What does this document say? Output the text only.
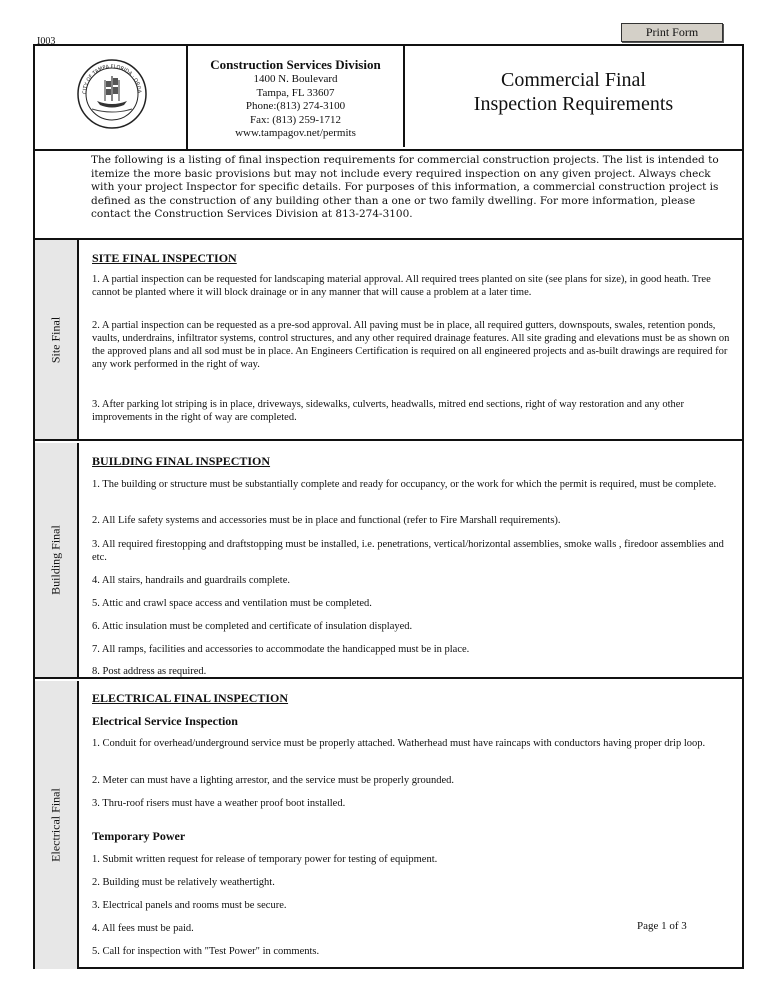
I003
Print Form
CITY OF TAMPA FLORIDA · ORGA
Construction Services Division
1400 N. Boulevard
Tampa, FL 33607
Phone:(813) 274-3100
Fax: (813) 259-1712
www.tampagov.net/permits
Commercial Final
Inspection Requirements

The following is a listing of final inspection requirements for commercial construction projects. The list is intended to itemize the more basic provisions but may not include every required inspection on any given project. Always check with your project Inspector for specific details. For purposes of this information, a commercial construction project is defined as the construction of any building other than a one or two family dwelling. For more information, please contact the Construction Services Division at 813-274-3100.

Site Final
SITE FINAL INSPECTION
1. A partial inspection can be requested for landscaping material approval. All required trees planted on site (see plans for size), in good heath. Tree cannot be planted where it will block drainage or in any manner that will cause a problem at a later time.
2. A partial inspection can be requested as a pre-sod approval. All paving must be in place, all required gutters, downspouts, swales, retention ponds, vaults, underdrains, infiltrator systems, control structures, and any other required drainage features. All site grading and elevations must be as shown on the approved plans and all sod must be in place. An Engineers Certification is required on all engineered projects and as-built drawings are required for any work performed in the right of way.
3. After parking lot striping is in place, driveways, sidewalks, culverts, headwalls, mitred end sections, right of way restoration and any other improvements in the right of way are completed.
Building Final
BUILDING FINAL INSPECTION
1. The building or structure must be substantially complete and ready for occupancy, or the work for which the permit is required, must be complete.
2. All Life safety systems and accessories must be in place and functional (refer to Fire Marshall requirements).
3. All required firestopping and draftstopping must be installed, i.e. penetrations, vertical/horizontal assemblies, smoke walls , firedoor assemblies and etc.
4. All stairs, handrails and guardrails complete.
5. Attic and crawl space access and ventilation must be completed.
6. Attic insulation must be completed and certificate of insulation displayed.
7. All ramps, facilities and accessories to accommodate the handicapped must be in place.
8. Post address as required.
Electrical Final
ELECTRICAL FINAL INSPECTION
Electrical Service Inspection
1. Conduit for overhead/underground service must be properly attached. Watherhead must have raincaps with conductors having proper drip loop.
2. Meter can must have a lighting arrestor, and the service must be properly grounded.
3. Thru-roof risers must have a weather proof boot installed.
Temporary Power
1. Submit written request for release of temporary power for testing of equipment.
2. Building must be relatively weathertight.
3. Electrical panels and rooms must be secure.
4. All fees must be paid.
5. Call for inspection with "Test Power" in comments.
Page 1 of 3
